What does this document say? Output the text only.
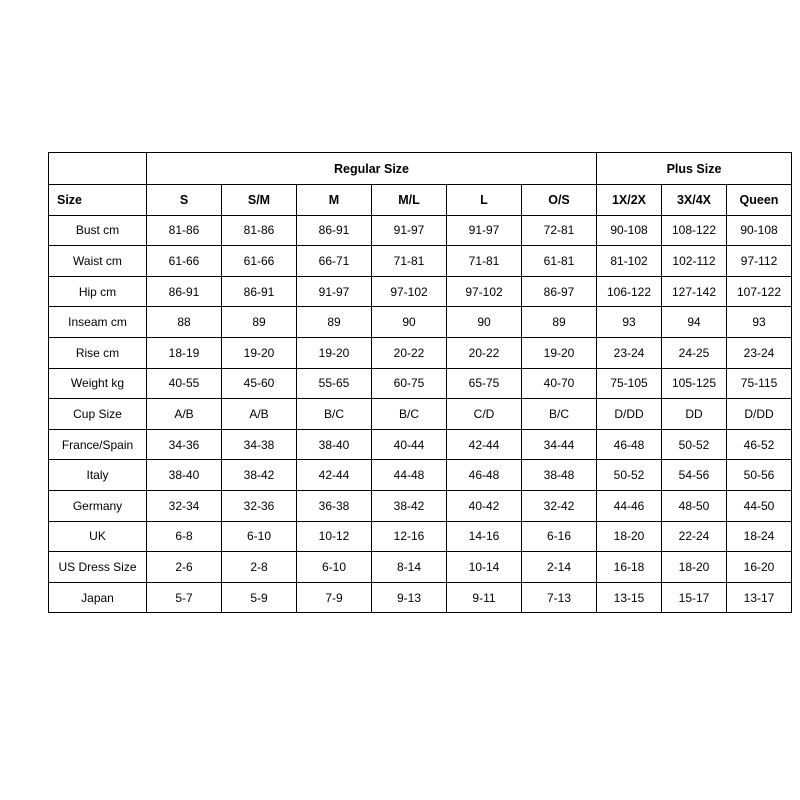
	Regular Size						Plus Size		
Size	S	S/M	M	M/L	L	O/S	1X/2X	3X/4X	Queen
Bust cm	81-86	81-86	86-91	91-97	91-97	72-81	90-108	108-122	90-108
Waist cm	61-66	61-66	66-71	71-81	71-81	61-81	81-102	102-112	97-112
Hip cm	86-91	86-91	91-97	97-102	97-102	86-97	106-122	127-142	107-122
Inseam cm	88	89	89	90	90	89	93	94	93
Rise cm	18-19	19-20	19-20	20-22	20-22	19-20	23-24	24-25	23-24
Weight kg	40-55	45-60	55-65	60-75	65-75	40-70	75-105	105-125	75-115
Cup Size	A/B	A/B	B/C	B/C	C/D	B/C	D/DD	DD	D/DD
France/Spain	34-36	34-38	38-40	40-44	42-44	34-44	46-48	50-52	46-52
Italy	38-40	38-42	42-44	44-48	46-48	38-48	50-52	54-56	50-56
Germany	32-34	32-36	36-38	38-42	40-42	32-42	44-46	48-50	44-50
UK	6-8	6-10	10-12	12-16	14-16	6-16	18-20	22-24	18-24
US Dress Size	2-6	2-8	6-10	8-14	10-14	2-14	16-18	18-20	16-20
Japan	5-7	5-9	7-9	9-13	9-11	7-13	13-15	15-17	13-17
